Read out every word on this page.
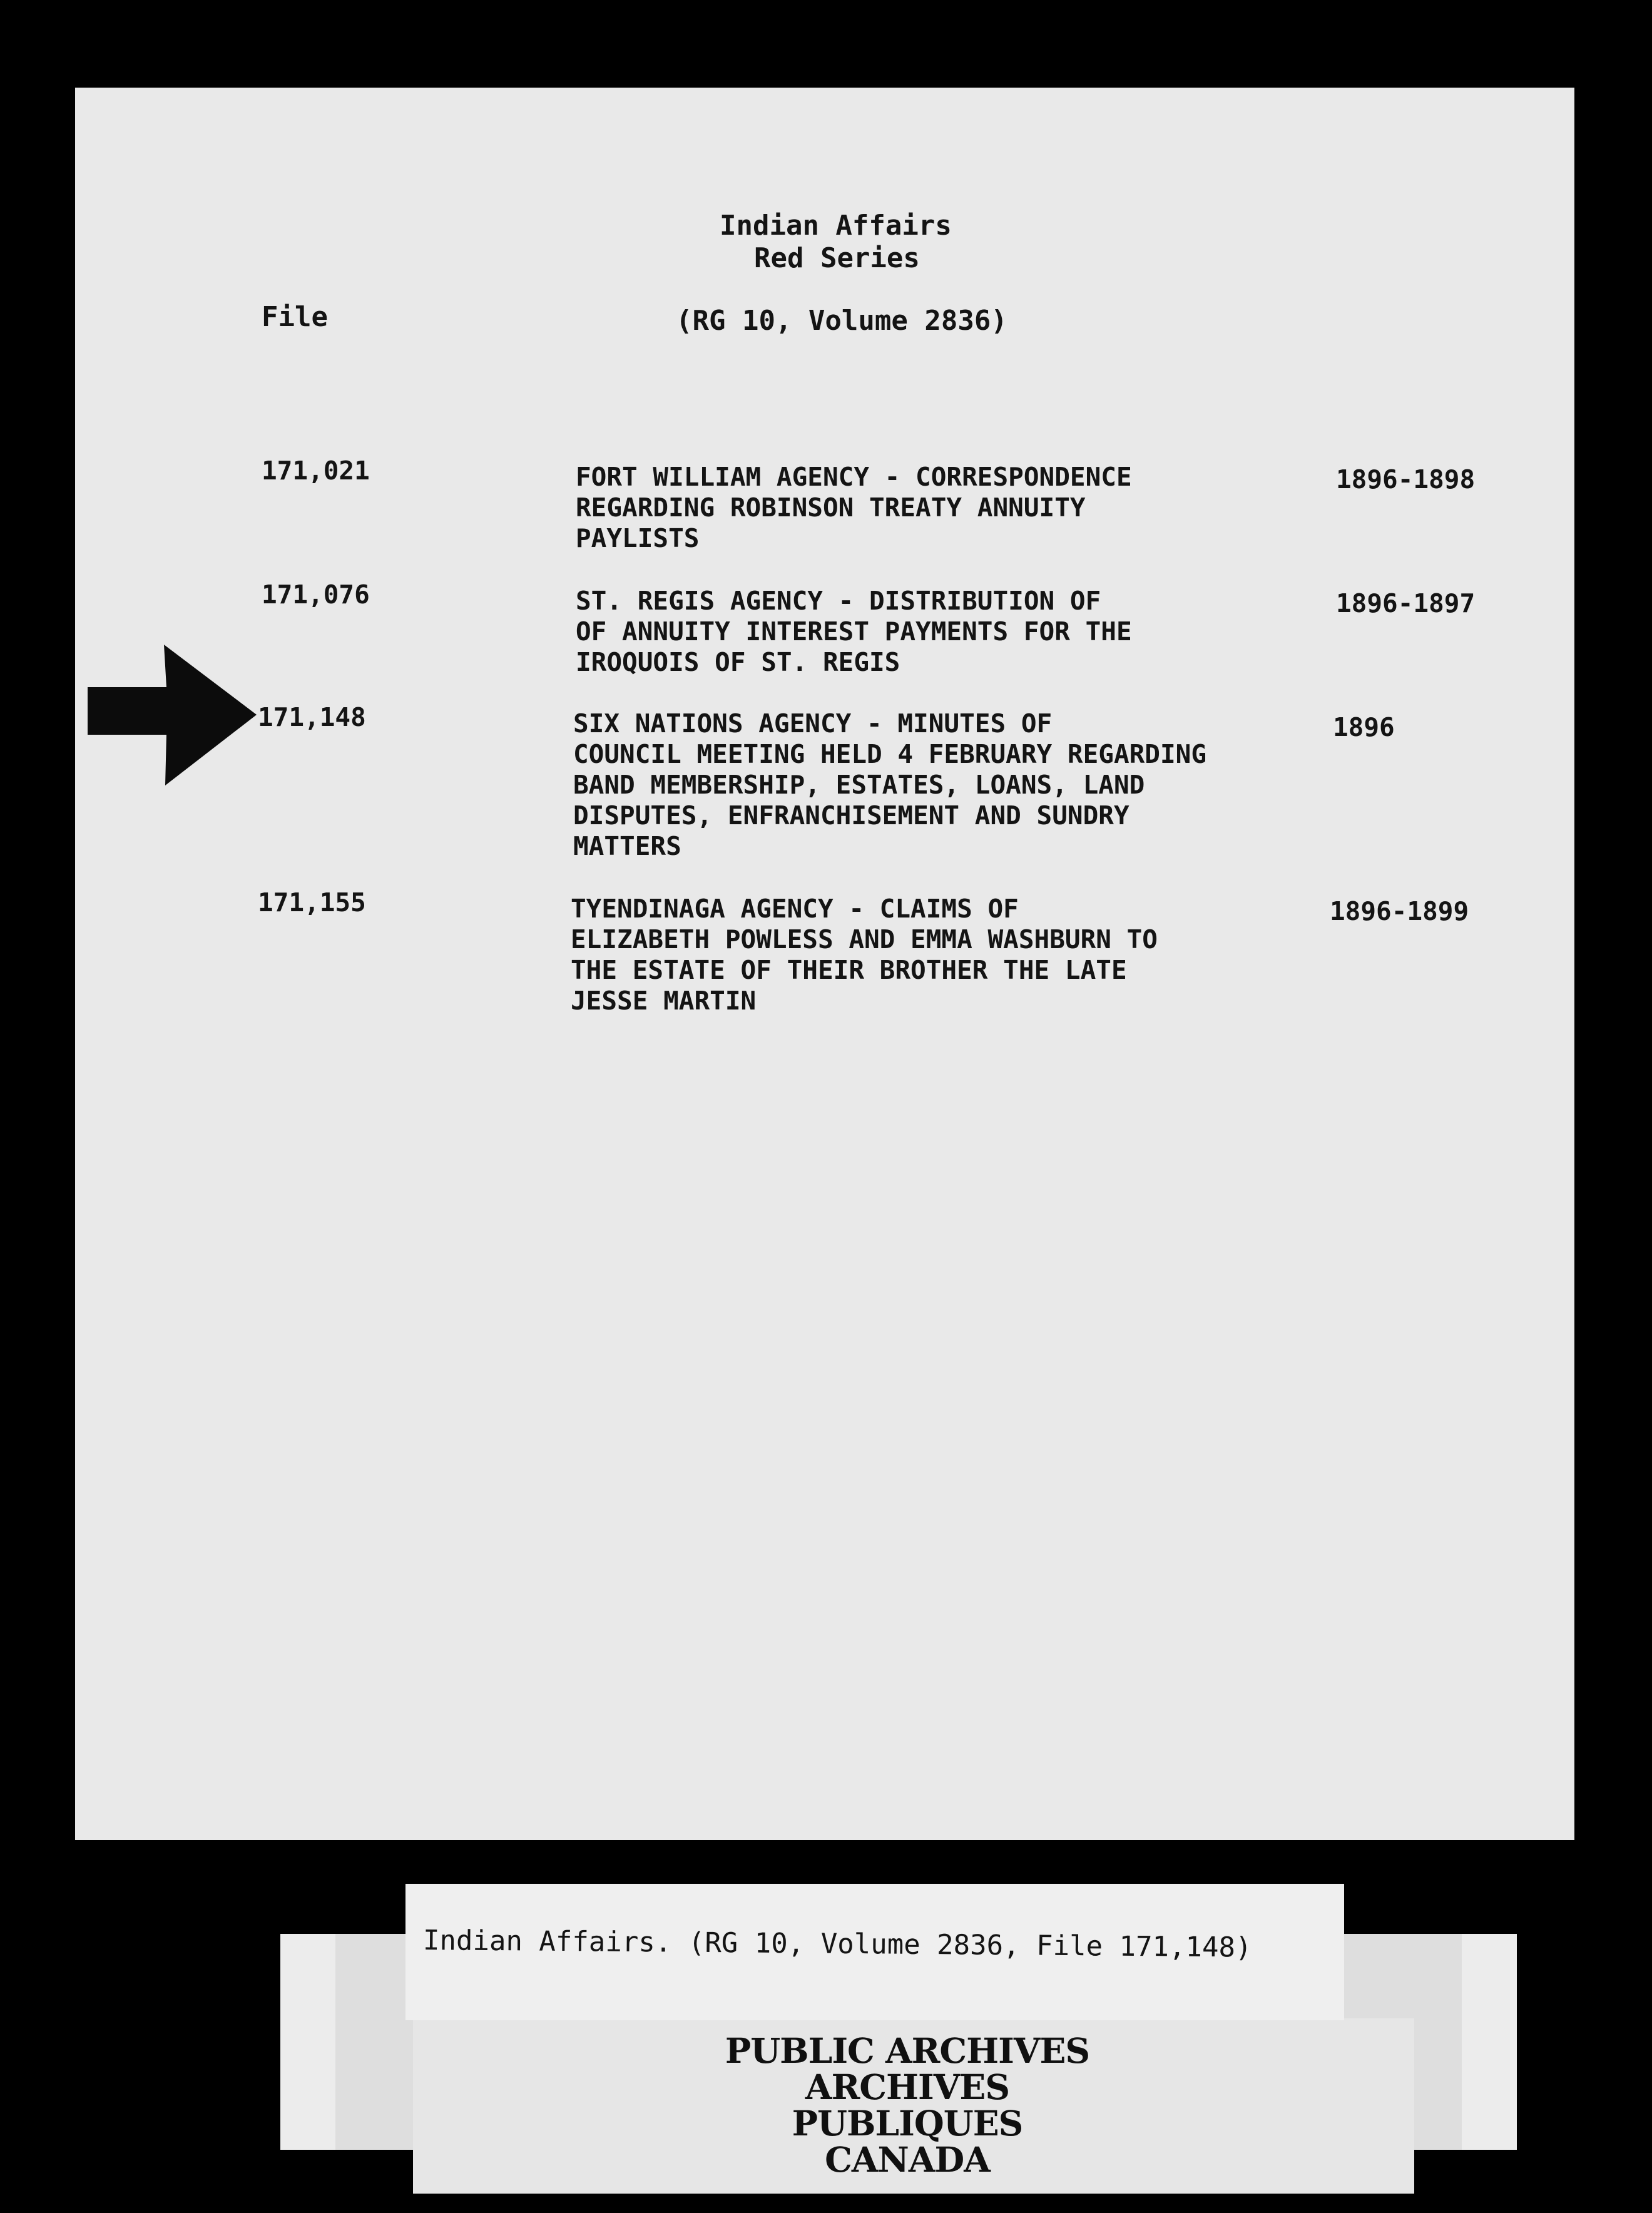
Indian Affairs
Red Series
File	(RG 10, Volume 2836)
171,021	FORT WILLIAM AGENCY - CORRESPONDENCE
REGARDING ROBINSON TREATY ANNUITY
PAYLISTS
1896-1898
171,076	ST. REGIS AGENCY - DISTRIBUTION OF
OF ANNUITY INTEREST PAYMENTS FOR THE
IROQUOIS OF ST. REGIS
1896-1897
171,148	SIX NATIONS AGENCY - MINUTES OF
COUNCIL MEETING HELD 4 FEBRUARY REGARDING
BAND MEMBERSHIP, ESTATES, LOANS, LAND
DISPUTES, ENFRANCHISEMENT AND SUNDRY
MATTERS
1896
171,155	TYENDINAGA AGENCY - CLAIMS OF
ELIZABETH POWLESS AND EMMA WASHBURN TO
THE ESTATE OF THEIR BROTHER THE LATE
JESSE MARTIN
1896-1899
Indian Affairs. (RG 10, Volume 2836, File 171,148)
PUBLIC ARCHIVES
ARCHIVES PUBLIQUES
CANADA
